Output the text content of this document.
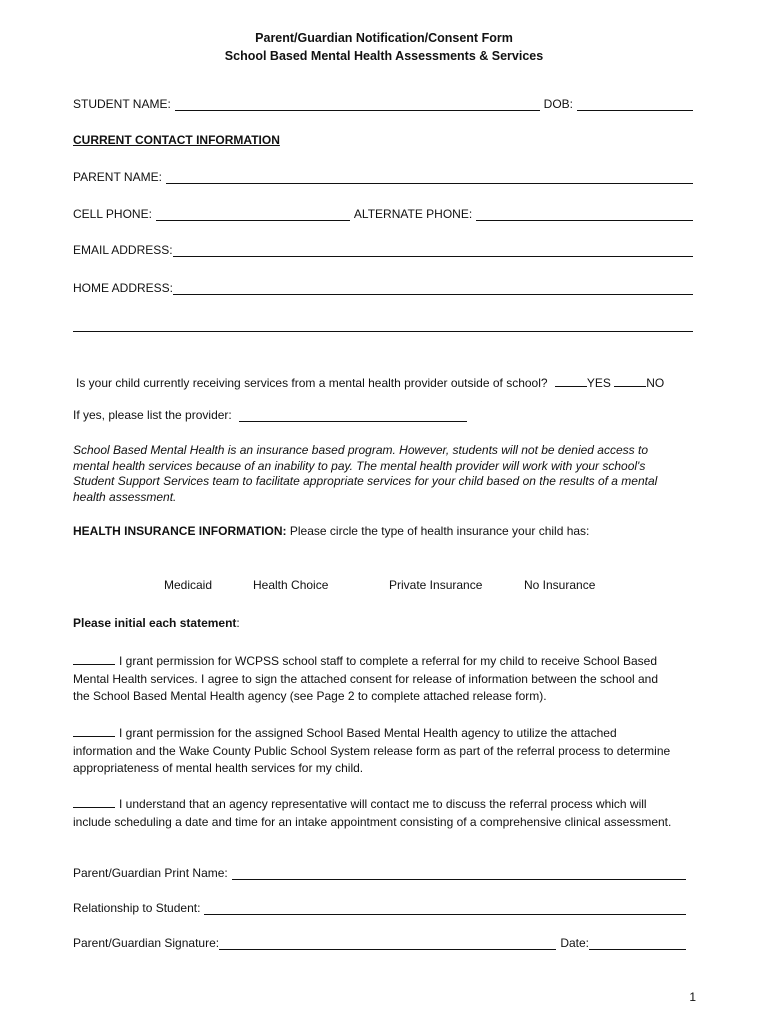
Parent/Guardian Notification/Consent Form
School Based Mental Health Assessments & Services
STUDENT NAME:	DOB:
CURRENT CONTACT INFORMATION
PARENT NAME:
CELL PHONE:	ALTERNATE PHONE:
EMAIL ADDRESS:
HOME ADDRESS:
Is your child currently receiving services from a mental health provider outside of school?	YES	NO
If yes, please list the provider:
School Based Mental Health is an insurance based program. However, students will not be denied access to mental health services because of an inability to pay. The mental health provider will work with your school's Student Support Services team to facilitate appropriate services for your child based on the results of a mental health assessment.
HEALTH INSURANCE INFORMATION: Please circle the type of health insurance your child has:
Medicaid	Health Choice	Private Insurance	No Insurance
Please initial each statement:
I grant permission for WCPSS school staff to complete a referral for my child to receive School Based Mental Health services. I agree to sign the attached consent for release of information between the school and the School Based Mental Health agency (see Page 2 to complete attached release form).
I grant permission for the assigned School Based Mental Health agency to utilize the attached information and the Wake County Public School System release form as part of the referral process to determine appropriateness of mental health services for my child.
I understand that an agency representative will contact me to discuss the referral process which will include scheduling a date and time for an intake appointment consisting of a comprehensive clinical assessment.
Parent/Guardian Print Name:
Relationship to Student:
Parent/Guardian Signature:	Date:
1
